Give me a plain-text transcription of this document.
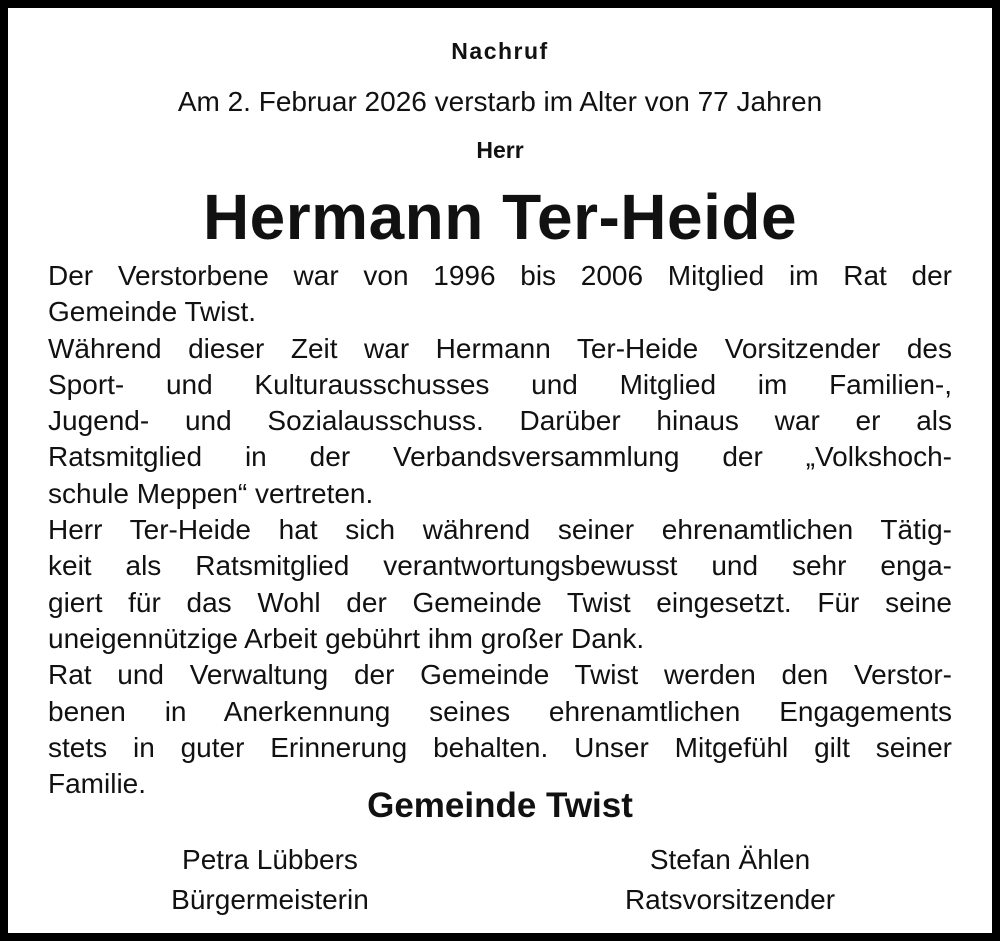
Nachruf
Am 2. Februar 2026 verstarb im Alter von 77 Jahren
Herr
Hermann Ter-Heide
Der Verstorbene war von 1996 bis 2006 Mitglied im Rat der
Gemeinde Twist.
Während dieser Zeit war Hermann Ter-Heide Vorsitzender des
Sport- und Kulturausschusses und Mitglied im Familien-,
Jugend- und Sozialausschuss. Darüber hinaus war er als
Ratsmitglied in der Verbandsversammlung der „Volkshoch-
schule Meppen“ vertreten.
Herr Ter-Heide hat sich während seiner ehrenamtlichen Tätig-
keit als Ratsmitglied verantwortungsbewusst und sehr enga-
giert für das Wohl der Gemeinde Twist eingesetzt. Für seine
uneigennützige Arbeit gebührt ihm großer Dank.
Rat und Verwaltung der Gemeinde Twist werden den Verstor-
benen in Anerkennung seines ehrenamtlichen Engagements
stets in guter Erinnerung behalten. Unser Mitgefühl gilt seiner
Familie.
Gemeinde Twist
Petra Lübbers
Bürgermeisterin
Stefan Ählen
Ratsvorsitzender
